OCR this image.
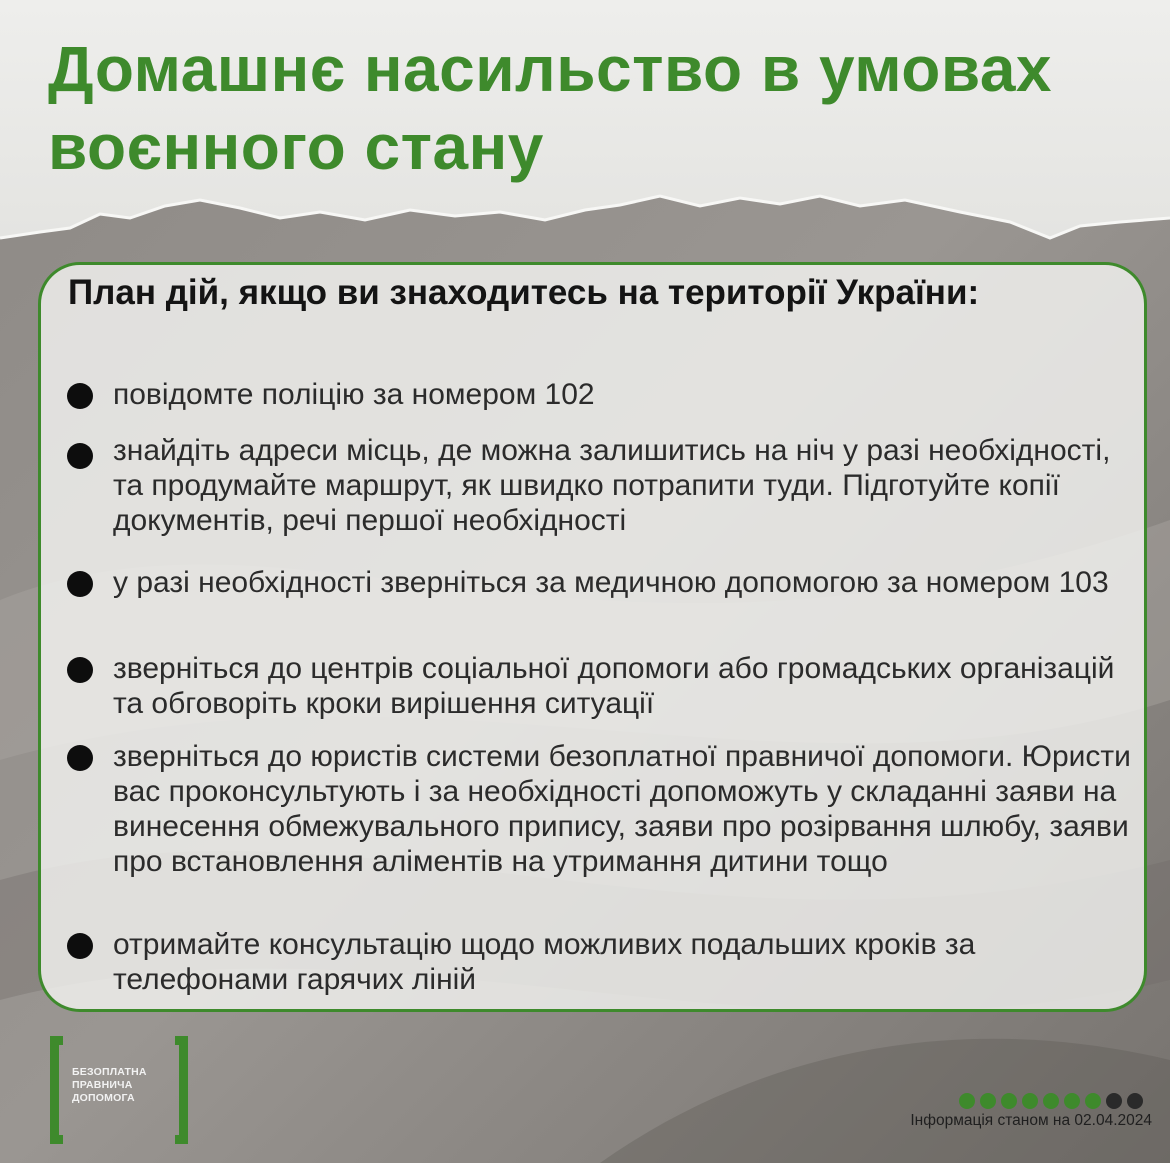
Домашнє насильство в умовах воєнного стану
План дій, якщо ви знаходитесь на території України:
повідомте поліцію за номером 102
знайдіть адреси місць, де можна залишитись на ніч у разі необхідності, та продумайте маршрут, як швидко потрапити туди. Підготуйте копії документів, речі першої необхідності
у разі необхідності зверніться за медичною допомогою за номером 103
зверніться до центрів соціальної допомоги або громадських організацій та обговоріть кроки вирішення ситуації
зверніться до юристів системи безоплатної правничої допомоги. Юристи вас проконсультують і за необхідності допоможуть у складанні заяви на винесення обмежувального припису, заяви про розірвання шлюбу, заяви про встановлення аліментів на утримання дитини тощо
отримайте консультацію щодо можливих подальших кроків за телефонами гарячих ліній
БЕЗОПЛАТНА
ПРАВНИЧА
ДОПОМОГА
Інформація станом на 02.04.2024
